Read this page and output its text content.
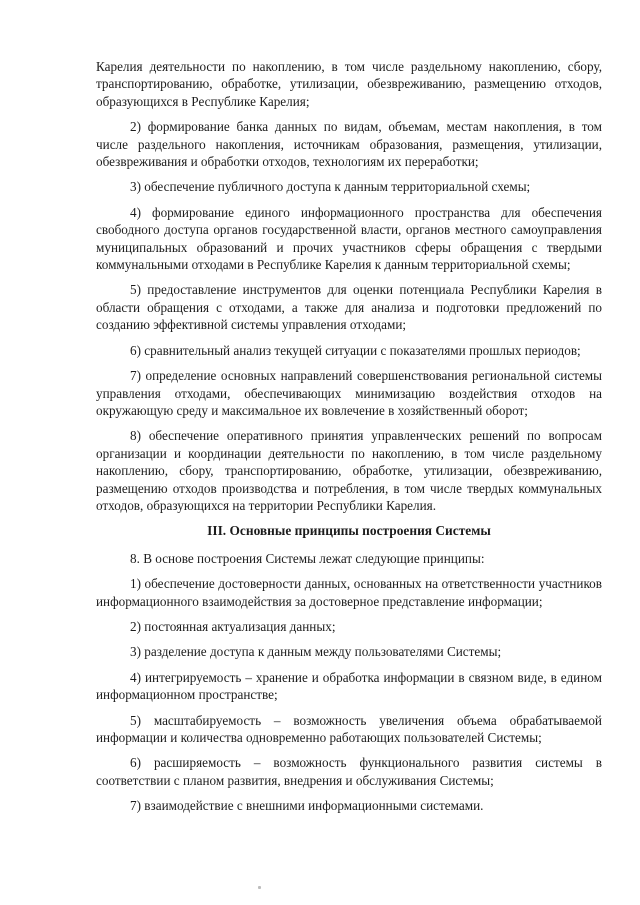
Карелия деятельности по накоплению, в том числе раздельному накоплению, сбору, транспортированию, обработке, утилизации, обезвреживанию, размещению отходов, образующихся в Республике Карелия;

2) формирование банка данных по видам, объемам, местам накопления, в том числе раздельного накопления, источникам образования, размещения, утилизации, обезвреживания и обработки отходов, технологиям их переработки;

3) обеспечение публичного доступа к данным территориальной схемы;

4) формирование единого информационного пространства для обеспечения свободного доступа органов государственной власти, органов местного самоуправления муниципальных образований и прочих участников сферы обращения с твердыми коммунальными отходами в Республике Карелия к данным территориальной схемы;

5) предоставление инструментов для оценки потенциала Республики Карелия в области обращения с отходами, а также для анализа и подготовки предложений по созданию эффективной системы управления отходами;

6) сравнительный анализ текущей ситуации с показателями прошлых периодов;

7) определение основных направлений совершенствования региональной системы управления отходами, обеспечивающих минимизацию воздействия отходов на окружающую среду и максимальное их вовлечение в хозяйственный оборот;

8) обеспечение оперативного принятия управленческих решений по вопросам организации и координации деятельности по накоплению, в том числе раздельному накоплению, сбору, транспортированию, обработке, утилизации, обезвреживанию, размещению отходов производства и потребления, в том числе твердых коммунальных отходов, образующихся на территории Республики Карелия.

III. Основные принципы построения Системы

8. В основе построения Системы лежат следующие принципы:

1) обеспечение достоверности данных, основанных на ответственности участников информационного взаимодействия за достоверное представление информации;

2) постоянная актуализация данных;

3) разделение доступа к данным между пользователями Системы;

4) интегрируемость – хранение и обработка информации в связном виде, в едином информационном пространстве;

5) масштабируемость – возможность увеличения объема обрабатываемой информации и количества одновременно работающих пользователей Системы;

6) расширяемость – возможность функционального развития системы в соответствии с планом развития, внедрения и обслуживания Системы;

7) взаимодействие с внешними информационными системами.
